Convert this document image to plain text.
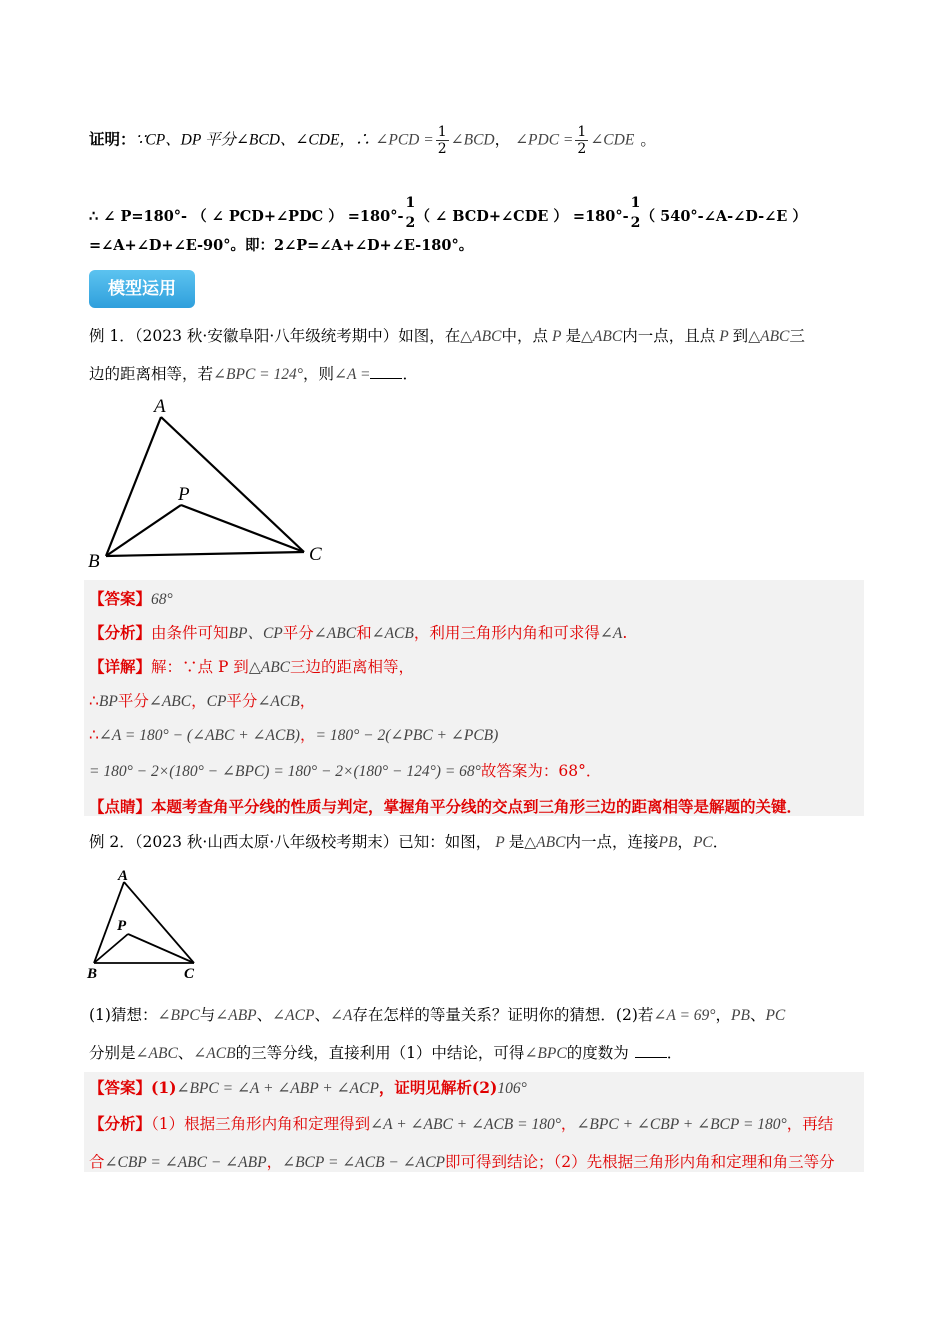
证明：∵CP、DP 平分∠BCD、∠CDE，∴ ∠PCD = $\frac{1}{2}$ ∠BCD， ∠PDC = $\frac{1}{2}$ ∠CDE 。
∴ ∠ P=180°- （ ∠ PCD+∠PDC ） =180°-
1
2 （ ∠ BCD+∠CDE ） =180°-
1
2 （ 540°-∠A-∠D-∠E ）
=∠A+∠D+∠E-90°。即：2∠P=∠A+∠D+∠E-180°。
模型运用
例 1．（2023 秋·安徽阜阳·八年级统考期中）如图，在△ABC中，点 P 是△ABC内一点，且点 P 到△ABC三
边的距离相等，若∠BPC = 124°，则∠A = ．
A
P
B	C
【答案】68°
【分析】由条件可知BP、CP平分∠ABC和∠ACB，利用三角形内角和可求得∠A.
【详解】解：∵点 P 到△ABC三边的距离相等，
∴BP平分∠ABC，CP平分∠ACB，
∴∠A = 180° − (∠ABC + ∠ACB)，= 180° − 2(∠PBC + ∠PCB)
= 180° − 2×(180° − ∠BPC) = 180° − 2×(180° − 124°) = 68°故答案为：68°．
【点睛】本题考查角平分线的性质与判定，掌握角平分线的交点到三角形三边的距离相等是解题的关键．
例 2．（2023 秋·山西太原·八年级校考期末）已知：如图， P 是△ABC内一点，连接PB，PC．
A
P
B	C
(1)猜想：∠BPC与∠ABP、∠ACP、∠A存在怎样的等量关系？证明你的猜想．(2)若∠A = 69°，PB、PC
分别是∠ABC、∠ACB的三等分线，直接利用（1）中结论，可得∠BPC的度数为 ．
【答案】(1)∠BPC = ∠A + ∠ABP + ∠ACP，证明见解析(2)106°
【分析】（1）根据三角形内角和定理得到∠A + ∠ABC + ∠ACB = 180°，∠BPC + ∠CBP + ∠BCP = 180°，再结
合∠CBP = ∠ABC − ∠ABP，∠BCP = ∠ACB − ∠ACP即可得到结论；（2）先根据三角形内角和定理和角三等分
